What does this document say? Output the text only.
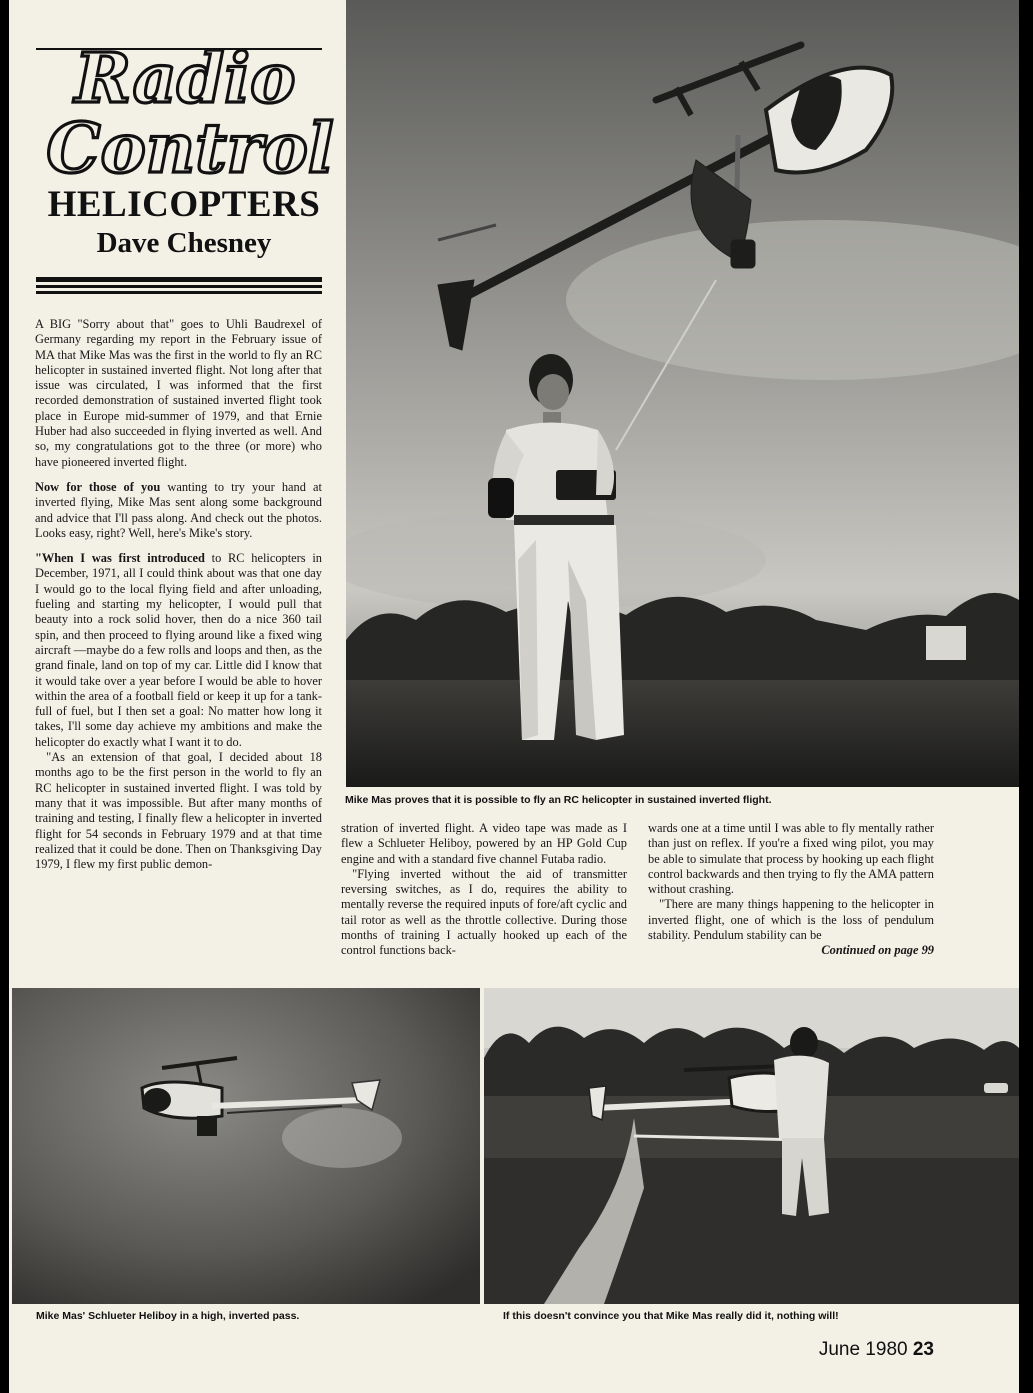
Radio
Control
HELICOPTERS
Dave Chesney

A BIG "Sorry about that" goes to Uhli Baudrexel of Germany regarding my report in the February issue of MA that Mike Mas was the first in the world to fly an RC helicopter in sustained inverted flight. Not long after that issue was circulated, I was informed that the first recorded demonstration of sustained inverted flight took place in Europe mid-summer of 1979, and that Ernie Huber had also succeeded in flying inverted as well. And so, my congratulations got to the three (or more) who have pioneered inverted flight.

Now for those of you wanting to try your hand at inverted flying, Mike Mas sent along some background and advice that I'll pass along. And check out the photos. Looks easy, right? Well, here's Mike's story.

"When I was first introduced to RC helicopters in December, 1971, all I could think about was that one day I would go to the local flying field and after unloading, fueling and starting my helicopter, I would pull that beauty into a rock solid hover, then do a nice 360 tail spin, and then proceed to flying around like a fixed wing aircraft —maybe do a few rolls and loops and then, as the grand finale, land on top of my car. Little did I know that it would take over a year before I would be able to hover within the area of a football field or keep it up for a tank-full of fuel, but I then set a goal: No matter how long it takes, I'll some day achieve my ambitions and make the helicopter do exactly what I want it to do.

"As an extension of that goal, I decided about 18 months ago to be the first person in the world to fly an RC helicopter in sustained inverted flight. I was told by many that it was impossible. But after many months of training and testing, I finally flew a helicopter in inverted flight for 54 seconds in February 1979 and at that time realized that it could be done. Then on Thanksgiving Day 1979, I flew my first public demon-

Mike Mas proves that it is possible to fly an RC helicopter in sustained inverted flight.

stration of inverted flight. A video tape was made as I flew a Schlueter Heliboy, powered by an HP Gold Cup engine and with a standard five channel Futaba radio.

"Flying inverted without the aid of transmitter reversing switches, as I do, requires the ability to mentally reverse the required inputs of fore/aft cyclic and tail rotor as well as the throttle collective. During those months of training I actually hooked up each of the control functions back-

wards one at a time until I was able to fly mentally rather than just on reflex. If you're a fixed wing pilot, you may be able to simulate that process by hooking up each flight control backwards and then trying to fly the AMA pattern without crashing.

"There are many things happening to the helicopter in inverted flight, one of which is the loss of pendulum stability. Pendulum stability can be

Continued on page 99

Mike Mas' Schlueter Heliboy in a high, inverted pass.	If this doesn't convince you that Mike Mas really did it, nothing will!
June 1980 23
